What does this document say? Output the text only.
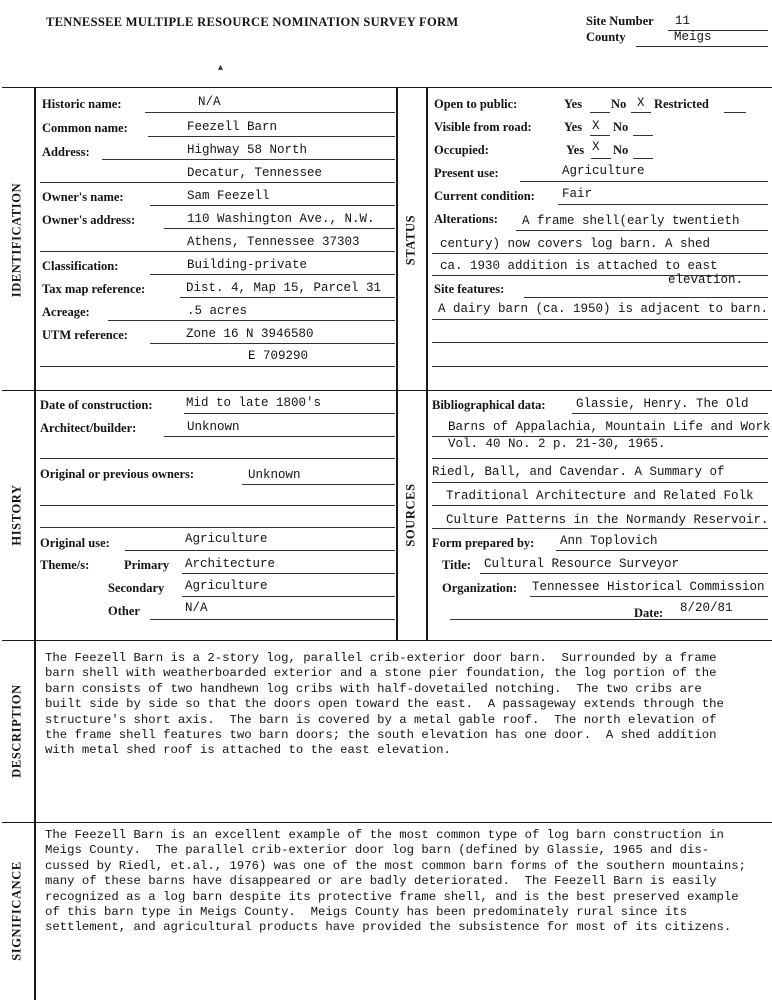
TENNESSEE MULTIPLE RESOURCE NOMINATION SURVEY FORM	Site Number 11
County	Meigs
▴
IDENTIFICATION	STATUS
HISTORY	SOURCES
DESCRIPTION
SIGNIFICANCE
Historic name:	N/A
Common name:	Feezell Barn
Address:	Highway 58 North
Decatur, Tennessee
Owner's name:	Sam Feezell
Owner's address:	110 Washington Ave., N.W.
Athens, Tennessee 37303
Classification:	Building-private
Tax map reference:	Dist. 4, Map 15, Parcel 31
Acreage:	.5 acres
UTM reference:	Zone 16 N 3946580
E 709290
Open to public:	Yes No X Restricted
Visible from road:	Yes X No
Occupied:	Yes X No
Present use:	Agriculture
Current condition: Fair
Alterations: A frame shell(early twentieth
century) now covers log barn. A shed
ca. 1930 addition is attached to east
elevation.
Site features:
A dairy barn (ca. 1950) is adjacent to barn.
Date of construction:	Mid to late 1800's
Architect/builder:	Unknown
Original or previous owners:	Unknown
Original use:	Agriculture
Theme/s:	Primary Architecture
Secondary Agriculture
Other	N/A
Bibliographical data: Glassie, Henry. The Old
Barns of Appalachia, Mountain Life and Work
Vol. 40 No. 2 p. 21-30, 1965.
Riedl, Ball, and Cavendar. A Summary of
Traditional Architecture and Related Folk
Culture Patterns in the Normandy Reservoir.
Form prepared by: Ann Toplovich
Title: Cultural Resource Surveyor
Organization: Tennessee Historical Commission
Date: 8/20/81
The Feezell Barn is a 2-story log, parallel crib-exterior door barn.  Surrounded by a frame
barn shell with weatherboarded exterior and a stone pier foundation, the log portion of the
barn consists of two handhewn log cribs with half-dovetailed notching.  The two cribs are
built side by side so that the doors open toward the east.  A passageway extends through the
structure's short axis.  The barn is covered by a metal gable roof.  The north elevation of
the frame shell features two barn doors; the south elevation has one door.  A shed addition
with metal shed roof is attached to the east elevation.
The Feezell Barn is an excellent example of the most common type of log barn construction in
Meigs County.  The parallel crib-exterior door log barn (defined by Glassie, 1965 and dis-
cussed by Riedl, et.al., 1976) was one of the most common barn forms of the southern mountains;
many of these barns have disappeared or are badly deteriorated.  The Feezell Barn is easily
recognized as a log barn despite its protective frame shell, and is the best preserved example
of this barn type in Meigs County.  Meigs County has been predominately rural since its
settlement, and agricultural products have provided the subsistence for most of its citizens.
